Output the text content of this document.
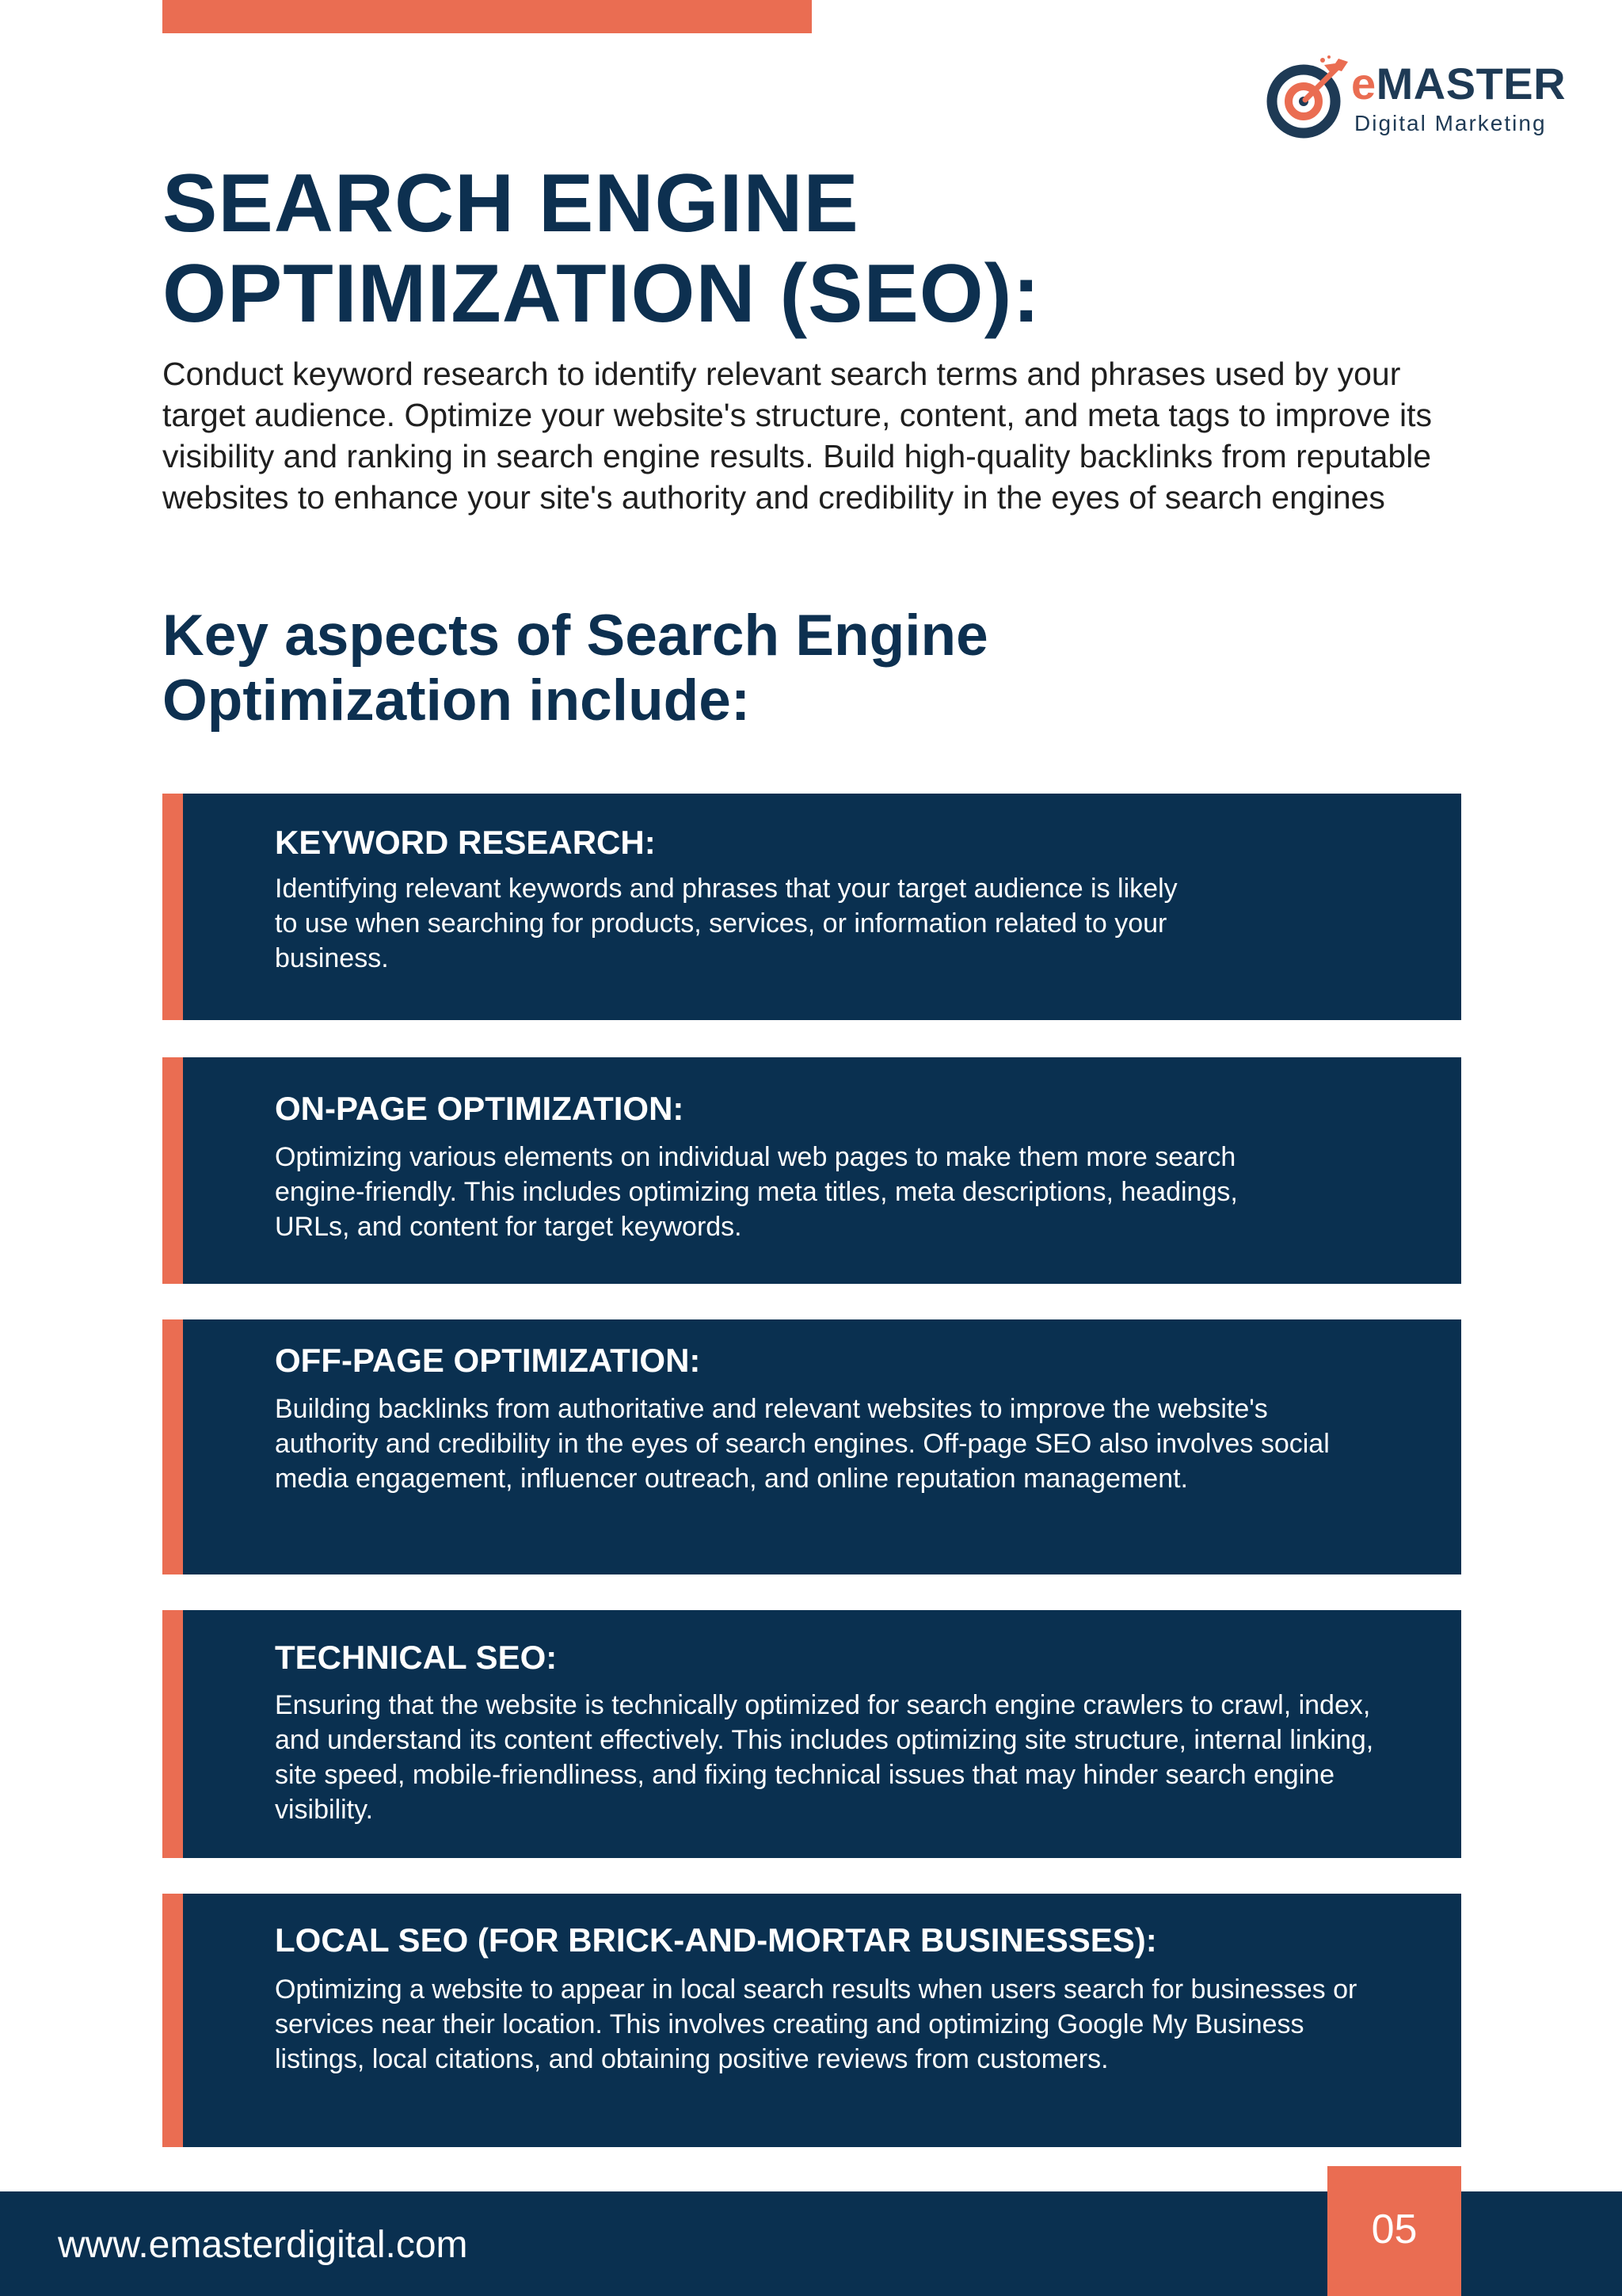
eMASTER
Digital Marketing
SEARCH ENGINE OPTIMIZATION (SEO):

Conduct keyword research to identify relevant search terms and phrases used by your target audience. Optimize your website's structure, content, and meta tags to improve its visibility and ranking in search engine results. Build high-quality backlinks from reputable websites to enhance your site's authority and credibility in the eyes of search engines

Key aspects of Search Engine Optimization include:
KEYWORD RESEARCH:
Identifying relevant keywords and phrases that your target audience is likely to use when searching for products, services, or information related to your business.
ON-PAGE OPTIMIZATION:
Optimizing various elements on individual web pages to make them more search engine-friendly. This includes optimizing meta titles, meta descriptions, headings, URLs, and content for target keywords.
OFF-PAGE OPTIMIZATION:
Building backlinks from authoritative and relevant websites to improve the website's authority and credibility in the eyes of search engines. Off-page SEO also involves social media engagement, influencer outreach, and online reputation management.
TECHNICAL SEO:
Ensuring that the website is technically optimized for search engine crawlers to crawl, index, and understand its content effectively. This includes optimizing site structure, internal linking, site speed, mobile-friendliness, and fixing technical issues that may hinder search engine visibility.
LOCAL SEO (FOR BRICK-AND-MORTAR BUSINESSES):
Optimizing a website to appear in local search results when users search for businesses or services near their location. This involves creating and optimizing Google My Business listings, local citations, and obtaining positive reviews from customers.
www.emasterdigital.com	05
